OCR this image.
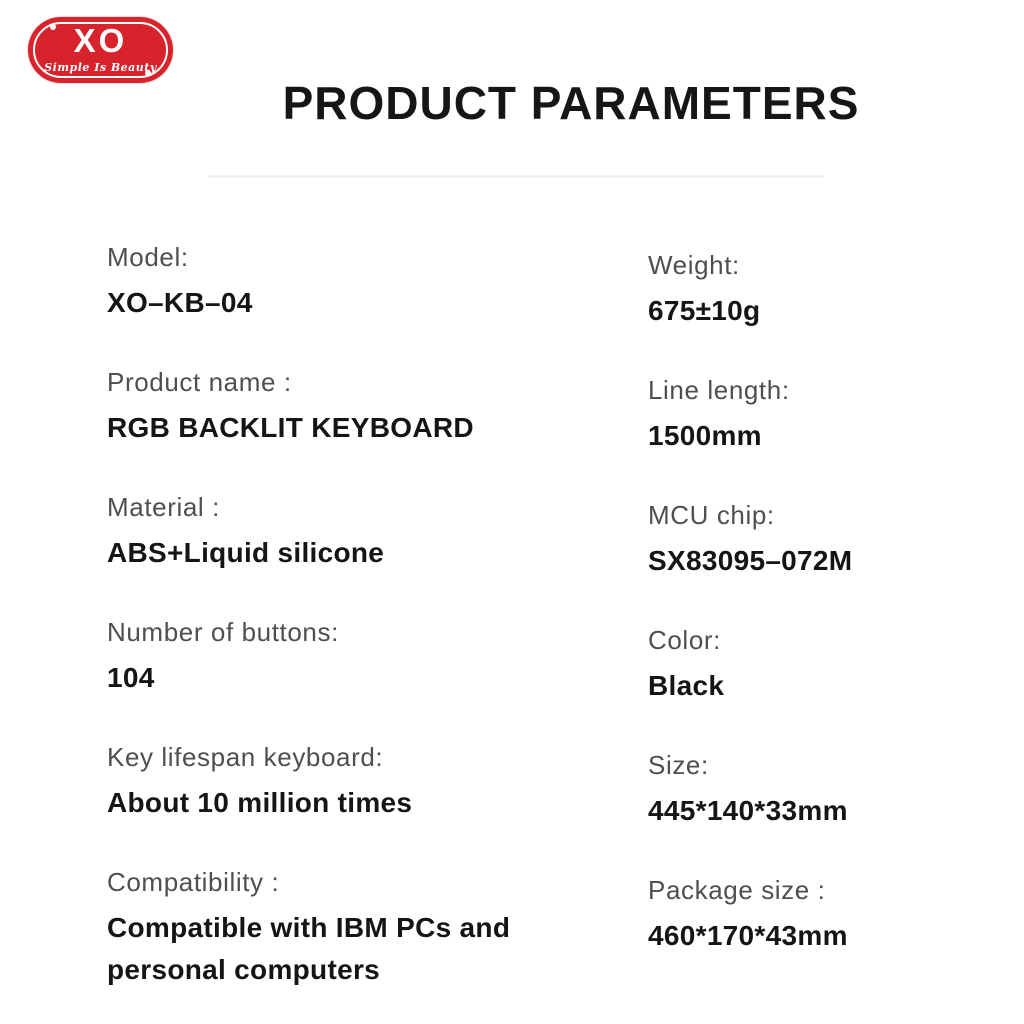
XO
Simple Is Beauty
PRODUCT PARAMETERS
Model:
XO–KB–04
Product name :
RGB BACKLIT KEYBOARD
Material :
ABS+Liquid silicone
Number of buttons:
104
Key lifespan keyboard:
About 10 million times
Compatibility :
Compatible with IBM PCs and personal computers
Weight:
675±10g
Line length:
1500mm
MCU chip:
SX83095–072M
Color:
Black
Size:
445*140*33mm
Package size :
460*170*43mm
